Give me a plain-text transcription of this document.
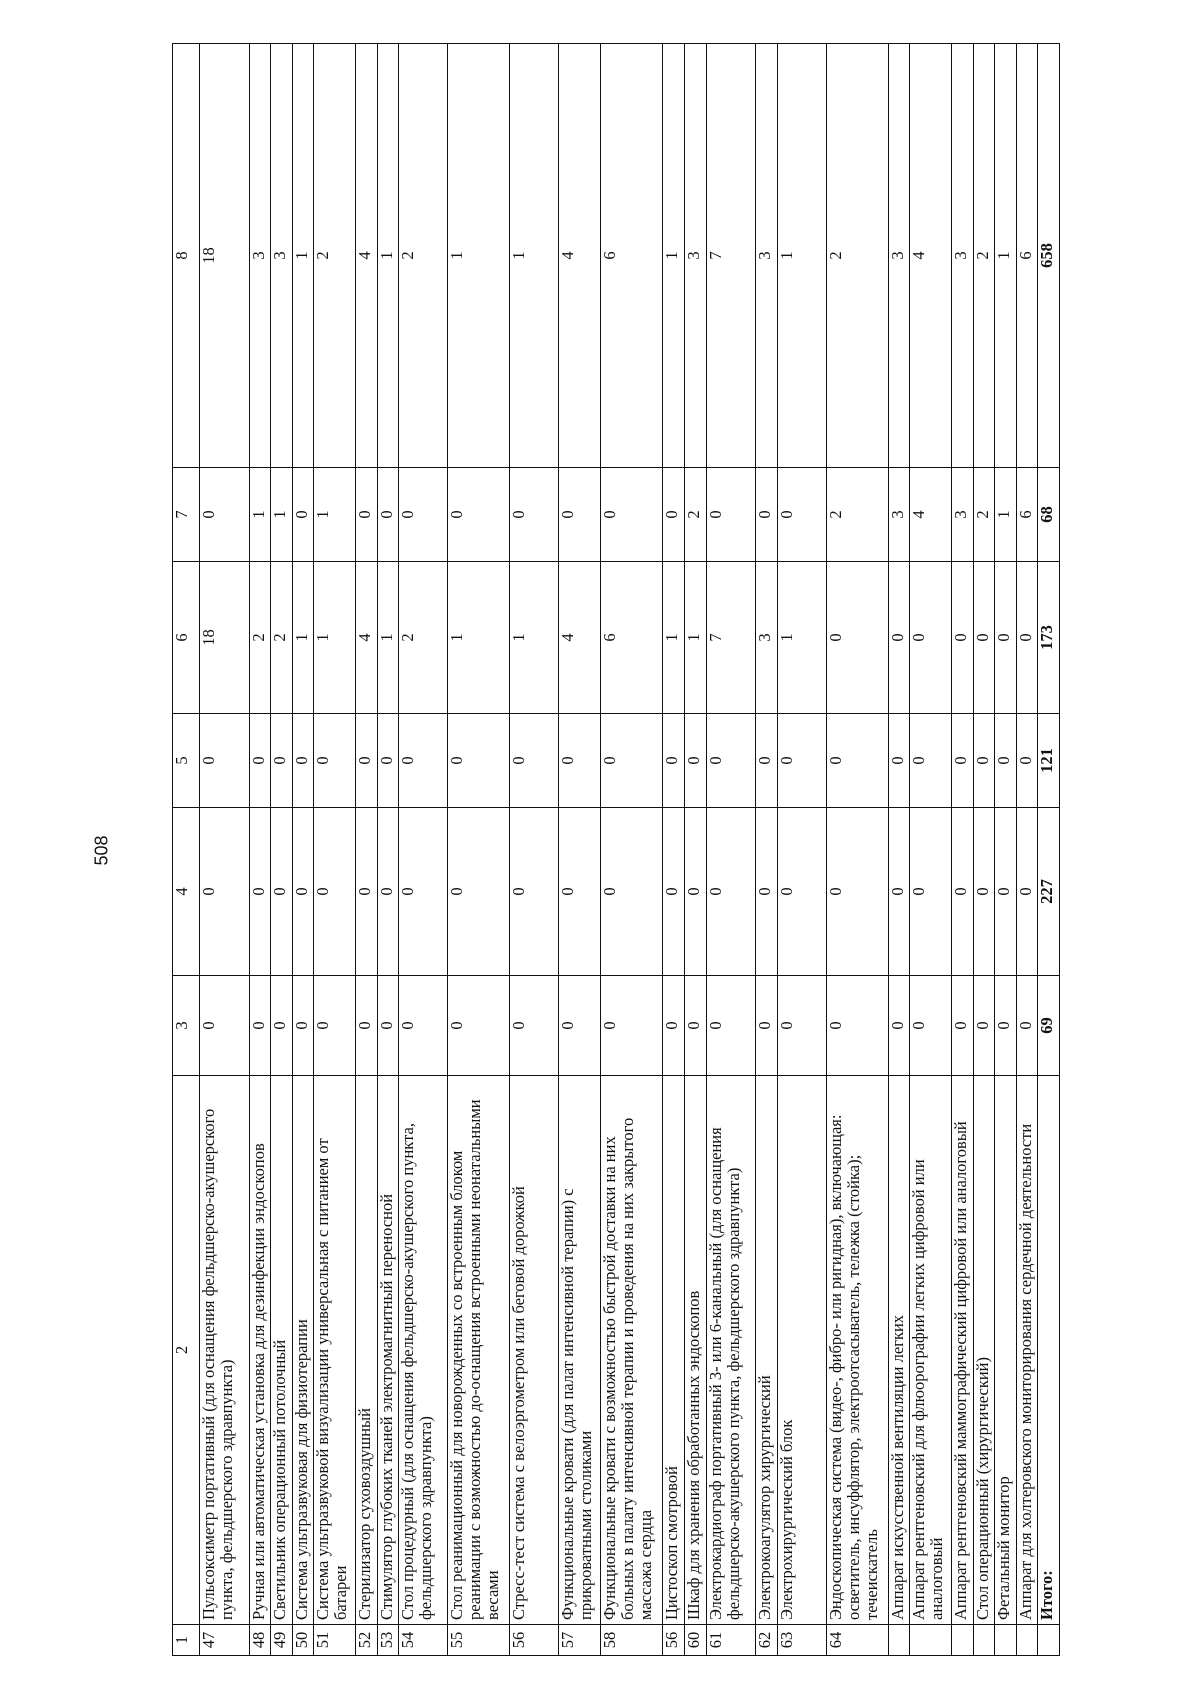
508
1	2	3	4	5	6	7	8
47	Пульсоксиметр портативный (для оснащения фельдшерско-акушерского пункта, фельдшерского здравпункта)	0	0	0	18	0	18
48	Ручная или автоматическая установка для дезинфекции эндоскопов	0	0	0	2	1	3
49	Светильник операционный потолочный	0	0	0	2	1	3
50	Система ультразвуковая для физиотерапии	0	0	0	1	0	1
51	Система ультразвуковой визуализации универсальная с питанием от батареи	0	0	0	1	1	2
52	Стерилизатор суховоздушный	0	0	0	4	0	4
53	Стимулятор глубоких тканей электромагнитный переносной	0	0	0	1	0	1
54	Стол процедурный (для оснащения фельдшерско-акушерского пункта, фельдшерского здравпункта)	0	0	0	2	0	2
55	Стол реанимационный для новорожденных со встроенным блоком реанимации с возможностью до-оснащения встроенными неонатальными весами	0	0	0	1	0	1
56	Стресс-тест система с велоэргометром или беговой дорожкой	0	0	0	1	0	1
57	Функциональные кровати (для палат интенсивной терапии) с прикроватными столиками	0	0	0	4	0	4
58	Функциональные кровати с возможностью быстрой доставки на них больных в палату интенсивной терапии и проведения на них закрытого массажа сердца	0	0	0	6	0	6
56	Цистоскоп смотровой	0	0	0	1	0	1
60	Шкаф для хранения обработанных эндоскопов	0	0	0	1	2	3
61	Электрокардиограф портативный 3- или 6-канальный (для оснащения фельдшерско-акушерского пункта, фельдшерского здравпункта)	0	0	0	7	0	7
62	Электрокоагулятор хирургический	0	0	0	3	0	3
63	Электрохирургический блок	0	0	0	1	0	1
64	Эндоскопическая система (видео-, фибро- или ригидная), включающая: осветитель, инсуффлятор, электроотсасыватель, тележка (стойка); течеискатель	0	0	0	0	2	2
	Аппарат искусственной вентиляции легких	0	0	0	0	3	3
	Аппарат рентгеновский для флюорографии легких цифровой или аналоговый	0	0	0	0	4	4
	Аппарат рентгеновский маммографический цифровой или аналоговый	0	0	0	0	3	3
	Стол операционный (хирургический)	0	0	0	0	2	2
	Фетальный монитор	0	0	0	0	1	1
	Аппарат для холтеровского мониторирования сердечной деятельности	0	0	0	0	6	6
	Итого:	69	227	121	173	68	658
